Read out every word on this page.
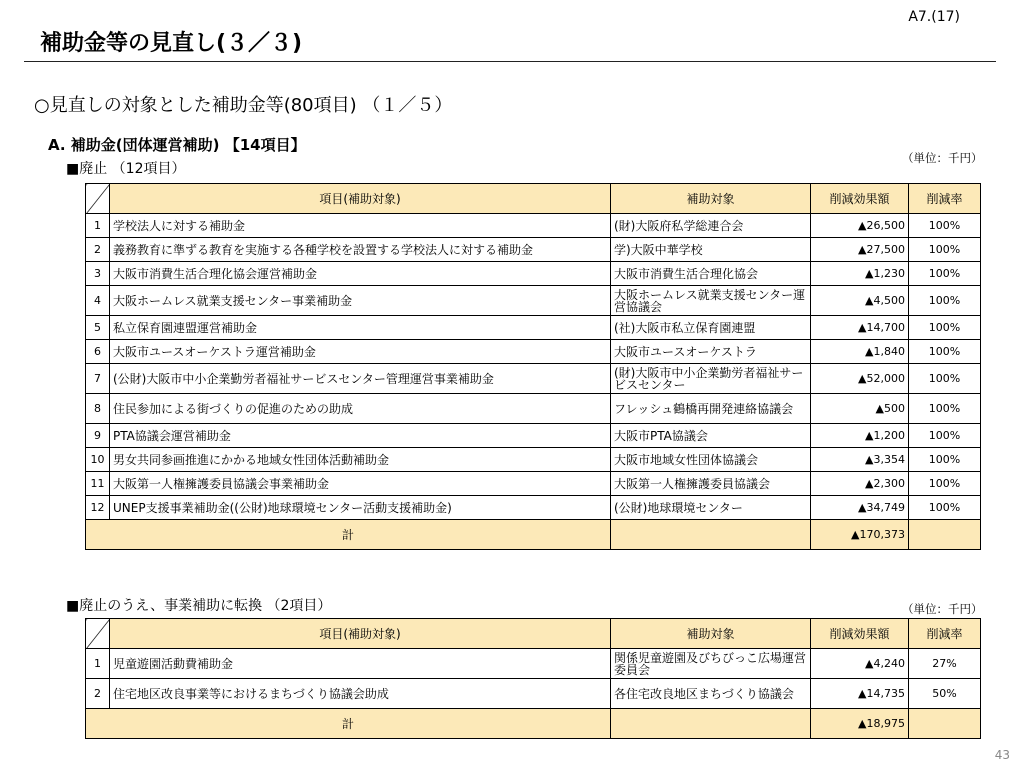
A7.(17)
補助金等の見直し(３／３)
○見直しの対象とした補助金等(80項目) （１／５）
A. 補助金(団体運営補助) 【14項目】
■廃止 （12項目）
（単位：千円）
	項目(補助対象)	補助対象	削減効果額	削減率
1	学校法人に対する補助金	(財)大阪府私学総連合会	▲26,500	100%
2	義務教育に準ずる教育を実施する各種学校を設置する学校法人に対する補助金	学)大阪中華学校	▲27,500	100%
3	大阪市消費生活合理化協会運営補助金	大阪市消費生活合理化協会	▲1,230	100%
4	大阪ホームレス就業支援センター事業補助金	大阪ホームレス就業支援センター運営協議会	▲4,500	100%
5	私立保育園連盟運営補助金	(社)大阪市私立保育園連盟	▲14,700	100%
6	大阪市ユースオーケストラ運営補助金	大阪市ユースオーケストラ	▲1,840	100%
7	(公財)大阪市中小企業勤労者福祉サービスセンター管理運営事業補助金	(財)大阪市中小企業勤労者福祉サービスセンター	▲52,000	100%
8	住民参加による街づくりの促進のための助成	フレッシュ鶴橋再開発連絡協議会	▲500	100%
9	PTA協議会運営補助金	大阪市PTA協議会	▲1,200	100%
10	男女共同参画推進にかかる地域女性団体活動補助金	大阪市地域女性団体協議会	▲3,354	100%
11	大阪第一人権擁護委員協議会事業補助金	大阪第一人権擁護委員協議会	▲2,300	100%
12	UNEP支援事業補助金((公財)地球環境センター活動支援補助金)	(公財)地球環境センター	▲34,749	100%
計			▲170,373	
■廃止のうえ、事業補助に転換 （2項目）	（単位：千円）
	項目(補助対象)	補助対象	削減効果額	削減率
1	児童遊園活動費補助金	関係児童遊園及びちびっこ広場運営委員会	▲4,240	27%
2	住宅地区改良事業等におけるまちづくり協議会助成	各住宅改良地区まちづくり協議会	▲14,735	50%
計			▲18,975	
43
